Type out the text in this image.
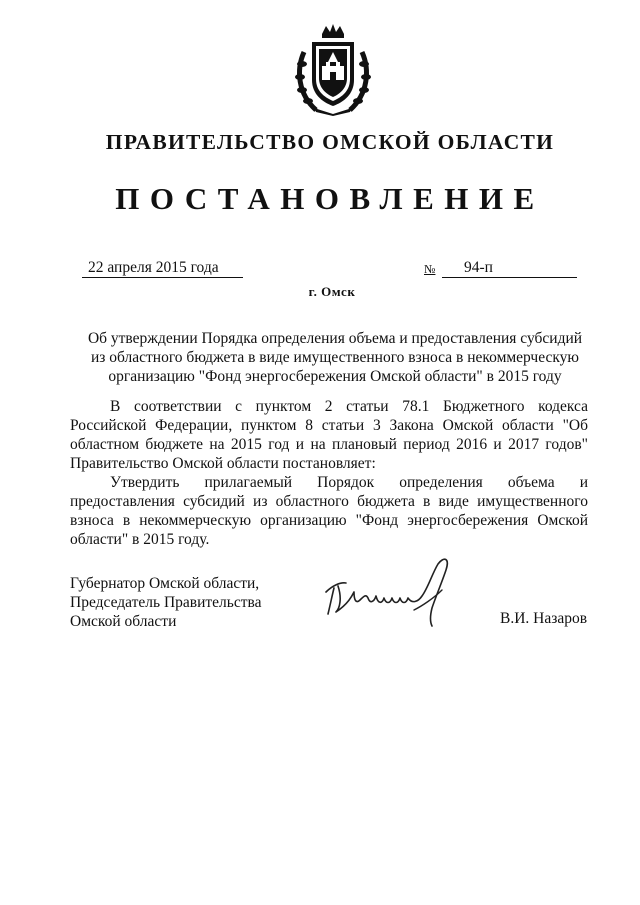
ПРАВИТЕЛЬСТВО ОМСКОЙ ОБЛАСТИ
ПОСТАНОВЛЕНИЕ
22 апреля 2015 года	№	94-п
г. Омск
Об утверждении Порядка определения объема и предоставления субсидий
из областного бюджета в виде имущественного взноса в некоммерческую
организацию "Фонд энергосбережения Омской области" в 2015 году

В соответствии с пунктом 2 статьи 78.1 Бюджетного кодекса Российской Федерации, пунктом 8 статьи 3 Закона Омской области "Об областном бюджете на 2015 год и на плановый период 2016 и 2017 годов" Правительство Омской области постановляет:

Утвердить прилагаемый Порядок определения объема и предоставления субсидий из областного бюджета в виде имущественного взноса в некоммерческую организацию "Фонд энергосбережения Омской области" в 2015 году.

Губернатор Омской области,
Председатель Правительства
Омской области	В.И. Назаров
